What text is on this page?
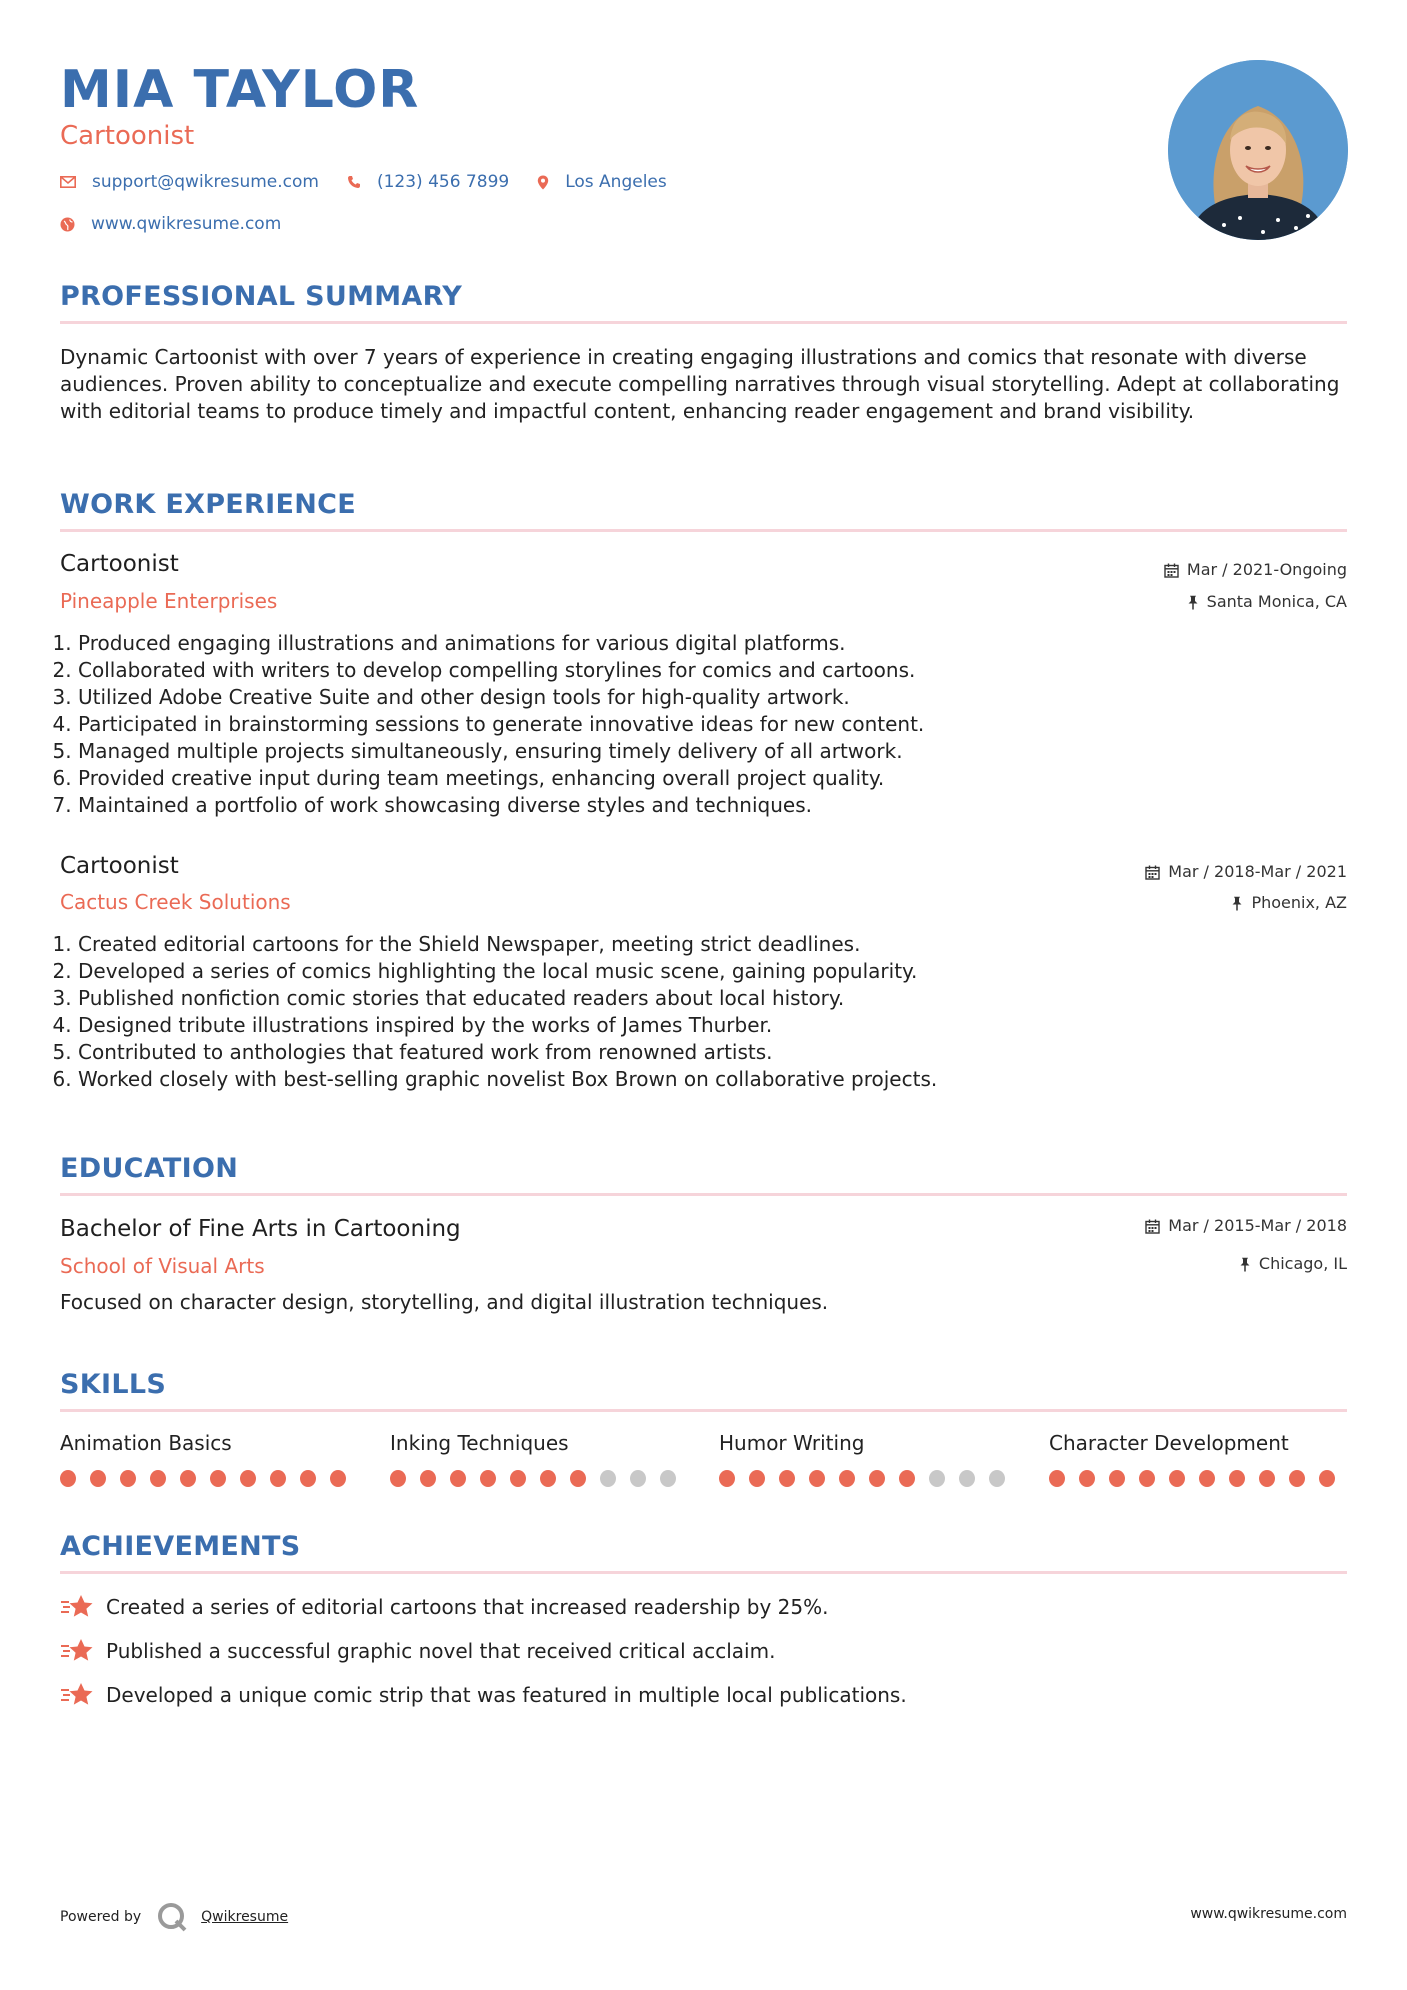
MIA TAYLOR
Cartoonist
support@qwikresume.com	(123) 456 7899	Los Angeles
www.qwikresume.com
PROFESSIONAL SUMMARY
Dynamic Cartoonist with over 7 years of experience in creating engaging illustrations and comics that resonate with diverse audiences. Proven ability to conceptualize and execute compelling narratives through visual storytelling. Adept at collaborating with editorial teams to produce timely and impactful content, enhancing reader engagement and brand visibility.
WORK EXPERIENCE
Cartoonist
Pineapple Enterprises
Mar / 2021-Ongoing
Santa Monica, CA
1. Produced engaging illustrations and animations for various digital platforms.
2. Collaborated with writers to develop compelling storylines for comics and cartoons.
3. Utilized Adobe Creative Suite and other design tools for high-quality artwork.
4. Participated in brainstorming sessions to generate innovative ideas for new content.
5. Managed multiple projects simultaneously, ensuring timely delivery of all artwork.
6. Provided creative input during team meetings, enhancing overall project quality.
7. Maintained a portfolio of work showcasing diverse styles and techniques.
Cartoonist
Cactus Creek Solutions
Mar / 2018-Mar / 2021
Phoenix, AZ
1. Created editorial cartoons for the Shield Newspaper, meeting strict deadlines.
2. Developed a series of comics highlighting the local music scene, gaining popularity.
3. Published nonfiction comic stories that educated readers about local history.
4. Designed tribute illustrations inspired by the works of James Thurber.
5. Contributed to anthologies that featured work from renowned artists.
6. Worked closely with best-selling graphic novelist Box Brown on collaborative projects.
EDUCATION
Bachelor of Fine Arts in Cartooning
School of Visual Arts
Mar / 2015-Mar / 2018
Chicago, IL
Focused on character design, storytelling, and digital illustration techniques.
SKILLS
Animation Basics	Inking Techniques	Humor Writing	Character Development
ACHIEVEMENTS
Created a series of editorial cartoons that increased readership by 25%.
Published a successful graphic novel that received critical acclaim.
Developed a unique comic strip that was featured in multiple local publications.
Powered by	Qwikresume	www.qwikresume.com
